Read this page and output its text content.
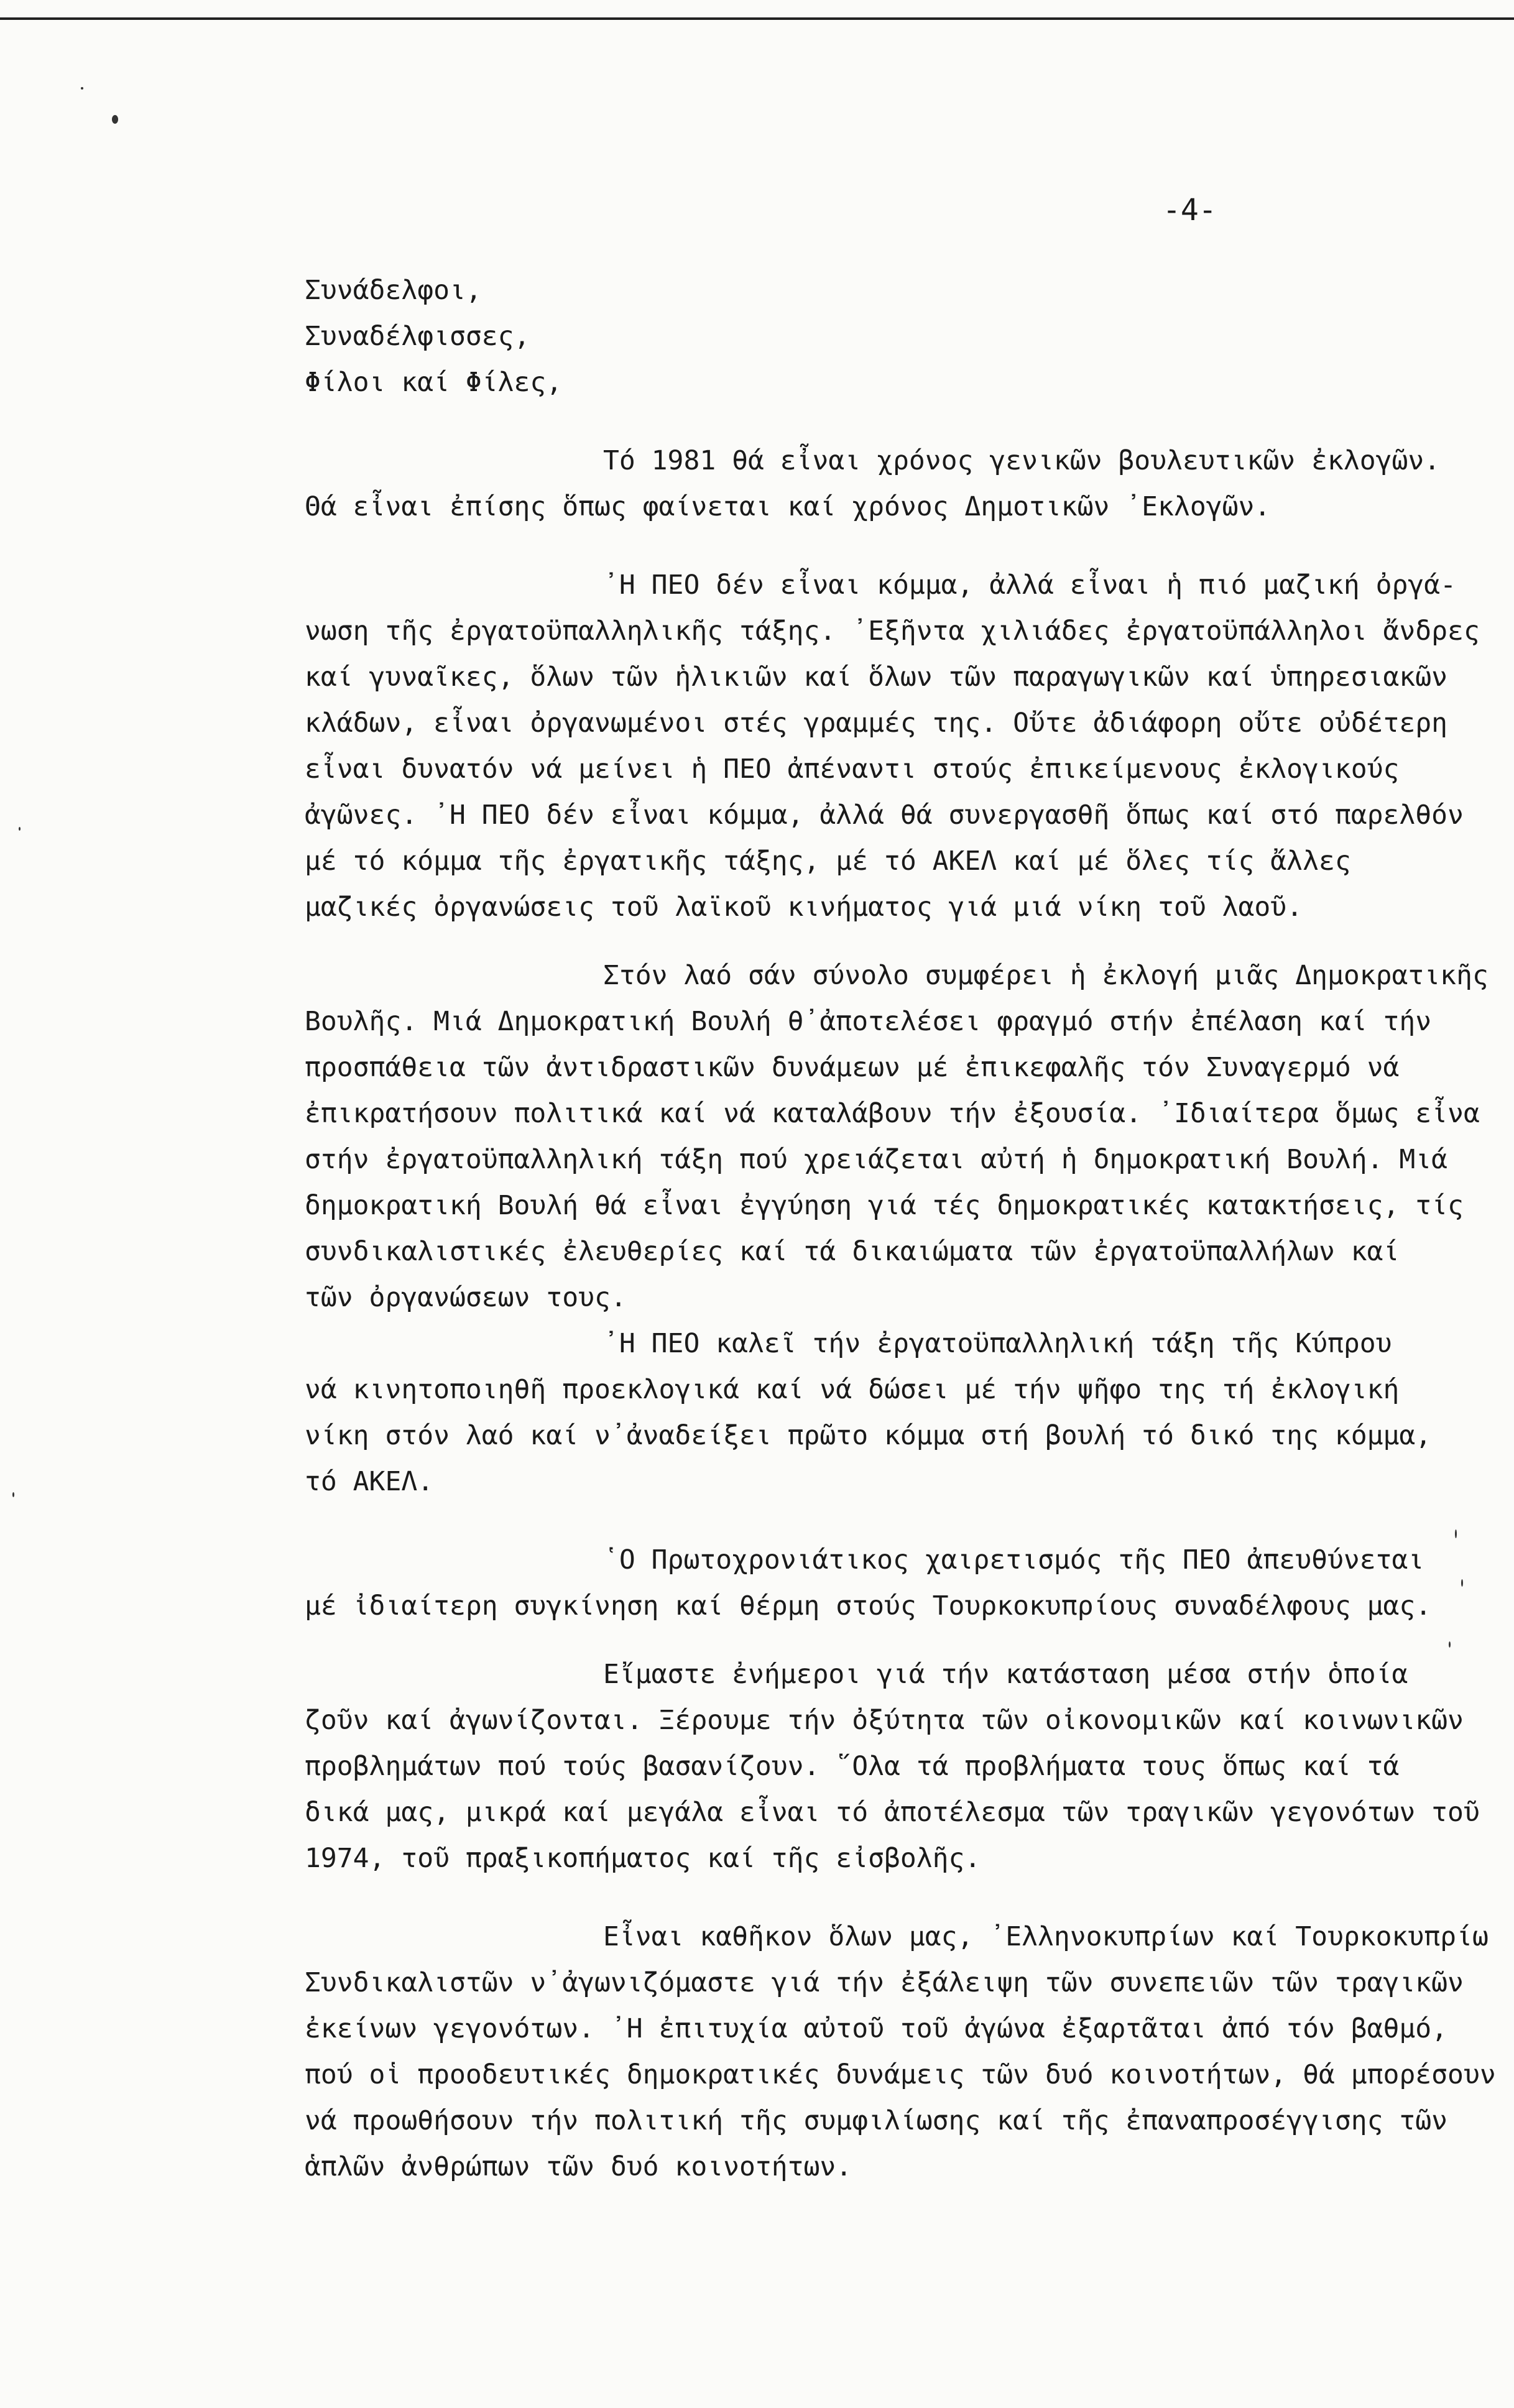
-4-
Συνάδελφοι,
Συναδέλφισσες,
Φίλοι καί Φίλες,
Τό 1981 θά εἶναι χρόνος γενικῶν βουλευτικῶν ἐκλογῶν.
Θά εἶναι ἐπίσης ὅπως φαίνεται καί χρόνος Δημοτικῶν ᾿Εκλογῶν.
᾿Η ΠΕΟ δέν εἶναι κόμμα, ἀλλά εἶναι ἡ πιό μαζική ὀργά-
νωση τῆς ἐργατοϋπαλληλικῆς τάξης. ᾿Εξῆντα χιλιάδες ἐργατοϋπάλληλοι ἄνδρες
καί γυναῖκες, ὅλων τῶν ἡλικιῶν καί ὅλων τῶν παραγωγικῶν καί ὑπηρεσιακῶν
κλάδων, εἶναι ὀργανωμένοι στές γραμμές της. Οὔτε ἀδιάφορη οὔτε οὐδέτερη
εἶναι δυνατόν νά μείνει ἡ ΠΕΟ ἀπέναντι στούς ἐπικείμενους ἐκλογικούς
ἀγῶνες. ᾿Η ΠΕΟ δέν εἶναι κόμμα, ἀλλά θά συνεργασθῆ ὅπως καί στό παρελθόν
μέ τό κόμμα τῆς ἐργατικῆς τάξης, μέ τό ΑΚΕΛ καί μέ ὅλες τίς ἄλλες
μαζικές ὀργανώσεις τοῦ λαϊκοῦ κινήματος γιά μιά νίκη τοῦ λαοῦ.
Στόν λαό σάν σύνολο συμφέρει ἡ ἐκλογή μιᾶς Δημοκρατικῆς
Βουλῆς. Μιά Δημοκρατική Βουλή θ᾿ἀποτελέσει φραγμό στήν ἐπέλαση καί τήν
προσπάθεια τῶν ἀντιδραστικῶν δυνάμεων μέ ἐπικεφαλῆς τόν Συναγερμό νά
ἐπικρατήσουν πολιτικά καί νά καταλάβουν τήν ἐξουσία. ᾿Ιδιαίτερα ὅμως εἶνα
στήν ἐργατοϋπαλληλική τάξη πού χρειάζεται αὐτή ἡ δημοκρατική Βουλή. Μιά
δημοκρατική Βουλή θά εἶναι ἐγγύηση γιά τές δημοκρατικές κατακτήσεις, τίς
συνδικαλιστικές ἐλευθερίες καί τά δικαιώματα τῶν ἐργατοϋπαλλήλων καί
τῶν ὀργανώσεων τους.
᾿Η ΠΕΟ καλεῖ τήν ἐργατοϋπαλληλική τάξη τῆς Κύπρου
νά κινητοποιηθῆ προεκλογικά καί νά δώσει μέ τήν ψῆφο της τή ἐκλογική
νίκη στόν λαό καί ν᾿ἀναδείξει πρῶτο κόμμα στή βουλή τό δικό της κόμμα,
τό ΑΚΕΛ.
῾Ο Πρωτοχρονιάτικος χαιρετισμός τῆς ΠΕΟ ἀπευθύνεται
μέ ἰδιαίτερη συγκίνηση καί θέρμη στούς Τουρκοκυπρίους συναδέλφους μας.
Εἴμαστε ἐνήμεροι γιά τήν κατάσταση μέσα στήν ὁποία
ζοῦν καί ἀγωνίζονται. Ξέρουμε τήν ὀξύτητα τῶν οἰκονομικῶν καί κοινωνικῶν
προβλημάτων πού τούς βασανίζουν. ῞Ολα τά προβλήματα τους ὅπως καί τά
δικά μας, μικρά καί μεγάλα εἶναι τό ἀποτέλεσμα τῶν τραγικῶν γεγονότων τοῦ
1974, τοῦ πραξικοπήματος καί τῆς εἰσβολῆς.
Εἶναι καθῆκον ὅλων μας, ᾿Ελληνοκυπρίων καί Τουρκοκυπρίω
Συνδικαλιστῶν ν᾿ἀγωνιζόμαστε γιά τήν ἐξάλειψη τῶν συνεπειῶν τῶν τραγικῶν
ἐκείνων γεγονότων. ᾿Η ἐπιτυχία αὐτοῦ τοῦ ἀγώνα ἐξαρτᾶται ἀπό τόν βαθμό,
πού οἱ προοδευτικές δημοκρατικές δυνάμεις τῶν δυό κοινοτήτων, θά μπορέσουν
νά προωθήσουν τήν πολιτική τῆς συμφιλίωσης καί τῆς ἐπαναπροσέγγισης τῶν
ἁπλῶν ἀνθρώπων τῶν δυό κοινοτήτων.
